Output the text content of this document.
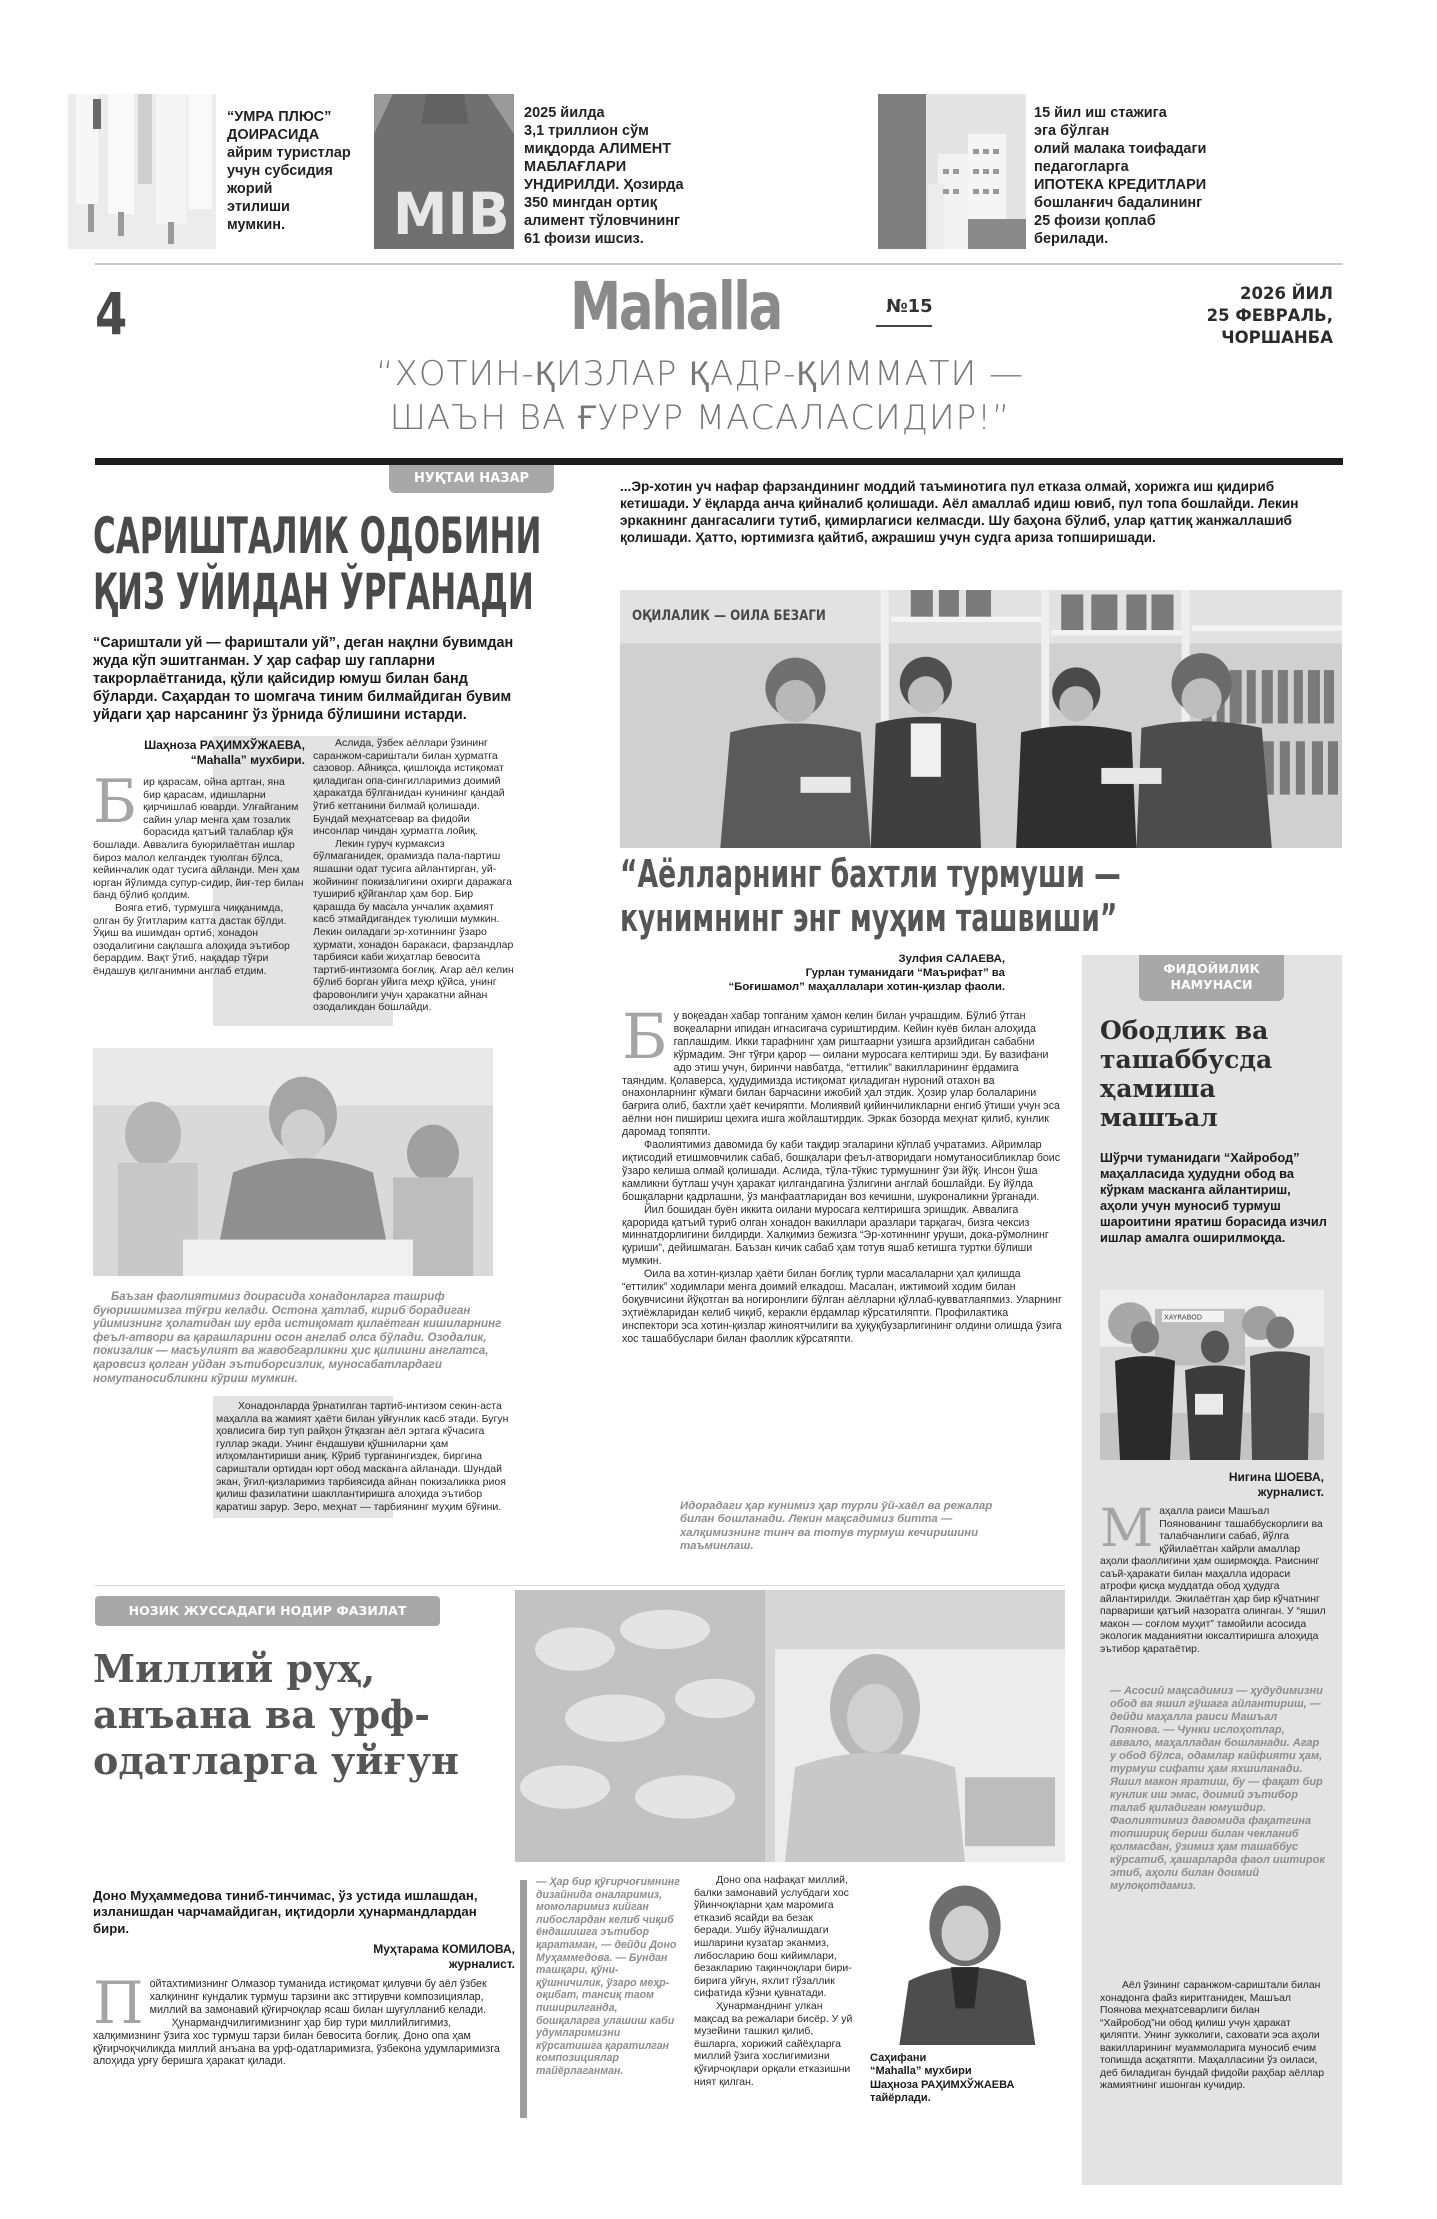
“УМРА ПЛЮС”
ДОИРАСИДА
айрим туристлар
учун субсидия
жорий
этилиши
мумкин.	MIB
2025 йилда
3,1 триллион сўм
миқдорда АЛИМЕНТ
МАБЛАҒЛАРИ
УНДИРИЛДИ. Ҳозирда
350 мингдан ортиқ
алимент тўловчининг
61 фоизи ишсиз.
15 йил иш стажига
эга бўлган
олий малака тоифадаги
педагогларга
ИПОТЕКА КРЕДИТЛАРИ
бошланғич бадалининг
25 фоизи қоплаб
берилади.
4	Mahalla	№15
2026 ЙИЛ
25 ФЕВРАЛЬ,
ЧОРШАНБА
“ХОТИН-ҚИЗЛАР ҚАДР-ҚИММАТИ —
ШАЪН ВА ҒУРУР МАСАЛАСИДИР!”
НУҚТАИ НАЗАР
САРИШТАЛИК ОДОБИНИ
ҚИЗ УЙИДАН ЎРГАНАДИ
“Сариштали уй — фариштали уй”, деган нақлни бувимдан жуда кўп эшитганман. У ҳар сафар шу гапларни такрорлаётганида, қўли қайсидир юмуш билан банд бўларди. Саҳардан то шомгача тиним билмайдиган бувим уйдаги ҳар нарсанинг ўз ўрнида бўлишини истарди.
Шаҳноза РАҲИМХЎЖАЕВА,
“Mahalla” мухбири.

Бир қарасам, ойна артган, яна бир қарасам, идишларни қирчишлаб юварди. Улғайганим сайин улар менга ҳам тозалик борасида қатъий талаблар қўя бошлади. Аввалига буюрилаётган ишлар бироз малол келгандек туюлган бўлса, кейинчалик одат тусига айланди. Мен ҳам юрган йўлимда супур-сидир, йиғ-тер билан банд бўлиб қолдим.

Вояга етиб, турмушга чиққанимда, олган бу ўгитларим катта дастак бўлди. Ўқиш ва ишимдан ортиб, хонадон озодалигини сақлашга алоҳида эътибор берардим. Вақт ўтиб, нақадар тўғри ёндашув қилганимни англаб етдим.

Аслида, ўзбек аёллари ўзининг саранжом-сариштали билан ҳурматга сазовор. Айниқса, қишлоқда истиқомат қиладиган опа-сингилларимиз доимий ҳаракатда бўлганидан кунининг қандай ўтиб кетганини билмай қолишади. Бундай меҳнатсевар ва фидойи инсонлар чиндан ҳурматга лойиқ.

Лекин гуруч курмаксиз бўлмаганидек, орамизда пала-партиш яшашни одат тусига айлантирган, уй-жойининг покизалигини охирги даражага тушириб қўйганлар ҳам бор. Бир қарашда бу масала унчалик аҳамият касб этмайдигандек туюлиши мумкин. Лекин оиладаги эр-хотиннинг ўзаро ҳурмати, хонадон баракаси, фарзандлар тарбияси каби жиҳатлар бевосита тартиб-интизомга боғлиқ. Агар аёл келин бўлиб борган уйига меҳр қўйса, унинг фаровонлиги учун ҳаракатни айнан озодаликдан бошлайди.

Баъзан фаолиятимиз доирасида хонадонларга ташриф буюришимизга тўғри келади. Остона ҳатлаб, кириб борадиган уйимизнинг ҳолатидан шу ерда истиқомат қилаётган кишиларнинг феъл-атвори ва қарашларини осон англаб олса бўлади. Озодалик, покизалик — масъулият ва жавобгарликни ҳис қилишни англатса, қаровсиз қолган уйдан эътиборсизлик, муносабатлардаги номутаносибликни кўриш мумкин.

Хонадонларда ўрнатилган тартиб-интизом секин-аста маҳалла ва жамият ҳаёти билан уйғунлик касб этади. Бугун ҳовлисига бир туп райҳон ўтқазган аёл эртага кўчасига гуллар экади. Унинг ёндашуви қўшниларни ҳам илҳомлантириши аниқ. Кўриб турганингиздек, биргина сариштали ортидан юрт обод масканга айланади. Шундай экан, ўғил-қизларимиз тарбиясида айнан покизаликка риоя қилиш фазилатини шакллантиришга алоҳида эътибор қаратиш зарур. Зеро, меҳнат — тарбиянинг муҳим бўғини.

...Эр-хотин уч нафар фарзандининг моддий таъминотига пул етказа олмай, хорижга иш қидириб кетишади. У ёқларда анча қийналиб қолишади. Аёл амаллаб идиш ювиб, пул топа бошлайди. Лекин эркакнинг дангасалиги тутиб, қимирлагиси келмасди. Шу баҳона бўлиб, улар қаттиқ жанжаллашиб қолишади. Ҳатто, юртимизга қайтиб, ажрашиш учун судга ариза топширишади.
ОҚИЛАЛИК — ОИЛА БЕЗАГИ
“Аёлларнинг бахтли турмуши —
кунимнинг энг муҳим ташвиши”
Зулфия САЛАЕВА,
Гурлан туманидаги “Маърифат” ва
“Боғишамол” маҳаллалари хотин-қизлар фаоли.

Бу воқеадан хабар топганим ҳамон келин билан учрашдим. Бўлиб ўтган воқеаларни ипидан игнасигача суриштирдим. Кейин куёв билан алоҳида гаплашдим. Икки тарафнинг ҳам риштаарни узишга арзийдиган сабабни кўрмадим. Энг тўғри қарор — оилани муросага келтириш эди. Бу вазифани адо этиш учун, биринчи навбатда, “еттилик” вакилларининг ёрдамига таяндим. Қолаверса, ҳудудимизда истиқомат қиладиган нуроний отахон ва онахонларнинг кўмаги билан барчасини ижобий ҳал этдик. Ҳозир улар болаларини бағрига олиб, бахтли ҳаёт кечиряпти. Молиявий қийинчиликларни енгиб ўтиши учун эса аёлни нон пишириш цехига ишга жойлаштирдик. Эркак бозорда меҳнат қилиб, кунлик даромад топяпти.

Фаолиятимиз давомида бу каби тақдир эгаларини кўплаб учратамиз. Айримлар иқтисодий етишмовчилик сабаб, бошқалари феъл-атворидаги номутаносибликлар боис ўзаро келиша олмай қолишади. Аслида, тўла-тўкис турмушнинг ўзи йўқ. Инсон ўша камликни бутлаш учун ҳаракат қилгандагина ўзлигини англай бошлайди. Бу йўлда бошқаларни қадрлашни, ўз манфаатларидан воз кечишни, шукроналикни ўрганади.

Йил бошидан буён иккита оилани муросага келтиришга эришдик. Аввалига қарорида қатъий туриб олган хонадон вакиллари аразлари тарқагач, бизга чексиз миннатдорлигини билдирди. Халқимиз бежизга “Эр-хотиннинг уруши, дока-рўмолнинг қуриши”, дейишмаган. Баъзан кичик сабаб ҳам тотув яшаб кетишга туртки бўлиши мумкин.

Оила ва хотин-қизлар ҳаёти билан боғлиқ турли масалаларни ҳал қилишда “еттилик” ходимлари менга доимий елкадош. Масалан, ижтимоий ходим билан боқувчисини йўқотган ва ногиронлиги бўлган аёлларни қўллаб-қувватлаяпмиз. Уларнинг эҳтиёжларидан келиб чиқиб, керакли ёрдамлар кўрсатиляпти. Профилактика инспектори эса хотин-қизлар жиноятчилиги ва ҳуқуқбузарлигининг олдини олишда ўзига хос ташаббуслари билан фаоллик кўрсатяпти.

Идорадаги ҳар кунимиз ҳар турли ўй-хаёл ва режалар билан бошланади. Лекин мақсадимиз битта — халқимизнинг тинч ва тотув турмуш кечиришини таъминлаш.
ФИДОЙИЛИК
НАМУНАСИ
Ободлик ва ташаббусда ҳамиша машъал
Шўрчи туманидаги “Хайробод” маҳалласида ҳудудни обод ва кўркам масканга айлантириш, аҳоли учун муносиб турмуш шароитини яратиш борасида изчил ишлар амалга оширилмоқда.
XAYRABOD
Нигина ШОЕВА,
журналист.

Маҳалла раиси Машъал Поянованинг ташаббускорлиги ва талабчанлиги сабаб, йўлга қўйилаётган хайрли амаллар аҳоли фаоллигини ҳам оширмоқда. Раиснинг саъй-ҳаракати билан маҳалла идораси атрофи қисқа муддатда обод ҳудудга айлантирилди. Экилаётган ҳар бир кўчатнинг парвариши қатъий назоратга олинган. У “яшил макон — соғлом муҳит” тамойили асосида экологик маданиятни юксалтиришга алоҳида эътибор қаратаётир.

— Асосий мақсадимиз — ҳудудимизни обод ва яшил гўшага айлантириш, — дейди маҳалла раиси Машъал Поянова. — Чунки ислоҳотлар, аввало, маҳалладан бошланади. Агар у обод бўлса, одамлар кайфияти ҳам, турмуш сифати ҳам яхшиланади. Яшил макон яратиш, бу — фақат бир кунлик иш эмас, доимий эътибор талаб қиладиган юмушдир. Фаолиятимиз давомида фақатгина топшириқ бериш билан чекланиб қолмасдан, ўзимиз ҳам ташаббус кўрсатиб, ҳашарларда фаол иштирок этиб, аҳоли билан доимий мулоқотдамиз.

Аёл ўзининг саранжом-сариштали билан хонадонга файз киритганидек, Машъал Поянова меҳнатсеварлиги билан “Хайробод”ни обод қилиш учун ҳаракат қиляпти. Унинг зукколиги, саховати эса аҳоли вакилларининг муаммоларига муносиб ечим топишда асқатяпти. Маҳалласини ўз оиласи, деб биладиган бундай фидойи раҳбар аёллар жамиятнинг ишонган кучидир.

НОЗИК ЖУССАДАГИ НОДИР ФАЗИЛАТ
Миллий руҳ, анъана ва урф-одатларга уйғун
Доно Муҳаммедова тиниб-тинчимас, ўз устида ишлашдан, изланишдан чарчамайдиган, иқтидорли ҳунармандлардан бири.
Муҳтарама КОМИЛОВА,
журналист.

Пойтахтимизнинг Олмазор туманида истиқомат қилувчи бу аёл ўзбек халқининг кундалик турмуш тарзини акс эттирувчи композициялар, миллий ва замонавий қўғирчоқлар ясаш билан шуғулланиб келади.

Ҳунармандчилигимизнинг ҳар бир тури миллийлигимиз, халқимизнинг ўзига хос турмуш тарзи билан бевосита боғлиқ. Доно опа ҳам қўғирчоқчиликда миллий анъана ва урф-одатларимизга, ўзбекона удумларимизга алоҳида урғу беришга ҳаракат қилади.

— Ҳар бир қўғирчоғимнинг дизайнида оналаримиз, момоларимиз кийган либослардан келиб чиқиб ёндашишга эътибор қаратаман, — дейди Доно Муҳаммедова. — Бундан ташқари, қўни-қўшничилик, ўзаро меҳр-оқибат, тансиқ таом пиширилганда, бошқаларга улашиш каби удумларимизни кўрсатишга қаратилган композициялар тайёрлаганман.

Доно опа нафақат миллий, балки замонавий услубдаги хос ўйинчоқларни ҳам маромига етказиб ясайди ва безак беради. Ушбу йўналишдаги ишларини кузатар эканмиз, либосларию бош кийимлари, безакларию тақинчоқлари бири-бирига уйғун, яхлит гўзаллик сифатида кўзни қувнатади.

Ҳунарманднинг улкан мақсад ва режалари бисёр. У уй музейини ташкил қилиб, ёшларга, хорижий сайёҳларга миллий ўзига хослигимизни қўғирчоқлари орқали етказишни ният қилган.

Саҳифани
“Mahalla” мухбири
Шаҳноза РАҲИМХЎЖАЕВА
тайёрлади.
